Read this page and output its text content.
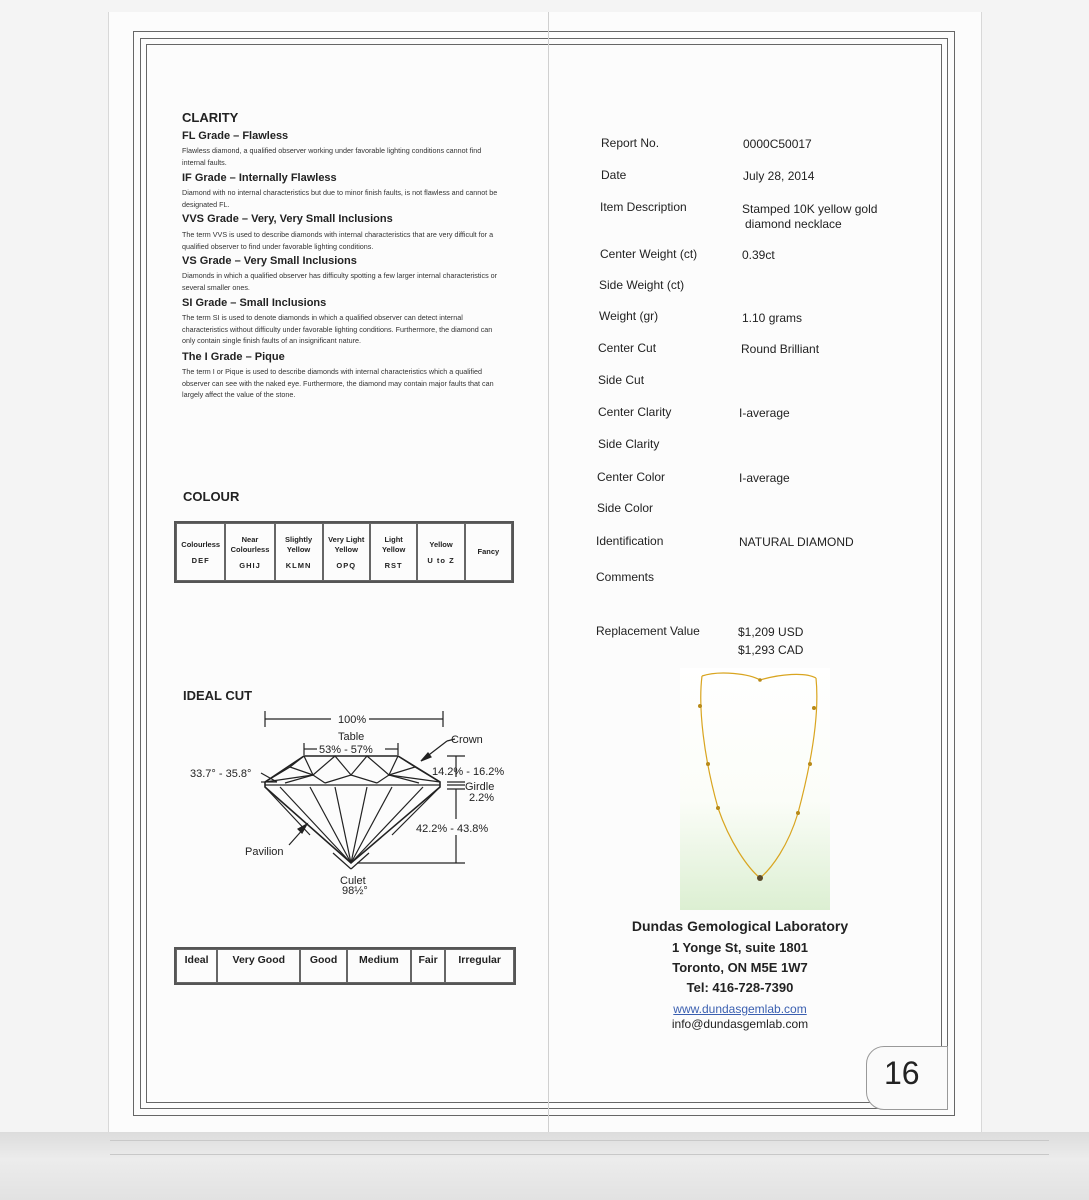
CLARITY
FL Grade – Flawless
Flawless diamond, a qualified observer working under favorable lighting conditions cannot find internal faults.
IF Grade – Internally Flawless
Diamond with no internal characteristics but due to minor finish faults, is not flawless and cannot be designated FL.
VVS Grade – Very, Very Small Inclusions
The term VVS is used to describe diamonds with internal characteristics that are very difficult for a qualified observer to find under favorable lighting conditions.
VS Grade – Very Small Inclusions
Diamonds in which a qualified observer has difficulty spotting a few larger internal characteristics or several smaller ones.
SI Grade – Small Inclusions
The term SI is used to denote diamonds in which a qualified observer can detect internal characteristics without difficulty under favorable lighting conditions. Furthermore, the diamond can only contain single finish faults of an insignificant nature.
The I Grade – Pique
The term I or Pique is used to describe diamonds with internal characteristics which a qualified observer can see with the naked eye. Furthermore, the diamond may contain major faults that can largely affect the value of the stone.
COLOUR
Colourless
DEF

Near Colourless
GHIJ

Slightly Yellow
KLMN

Very Light Yellow
OPQ

Light Yellow
RST

Yellow
U to Z

Fancy
IDEAL CUT
100%
Table
53% - 57%
Crown
33.7° - 35.8°	14.2% - 16.2%
Girdle
2.2%
42.2% - 43.8%
Pavilion
Culet
98½°
Ideal	Very Good	Good	Medium	Fair	Irregular
Report No.	0000C50017
Date	July 28, 2014
Item Description	Stamped 10K yellow gold
diamond necklace
Center Weight (ct)	0.39ct
Side Weight (ct)
Weight (gr)	1.10 grams
Center Cut	Round Brilliant
Side Cut
Center Clarity	I-average
Side Clarity
Center Color	I-average
Side Color
Identification	NATURAL DIAMOND
Comments
Replacement Value	$1,209 USD
$1,293 CAD
Dundas Gemological Laboratory
1 Yonge St, suite 1801
Toronto, ON M5E 1W7
Tel: 416-728-7390
www.dundasgemlab.com
info@dundasgemlab.com
16
